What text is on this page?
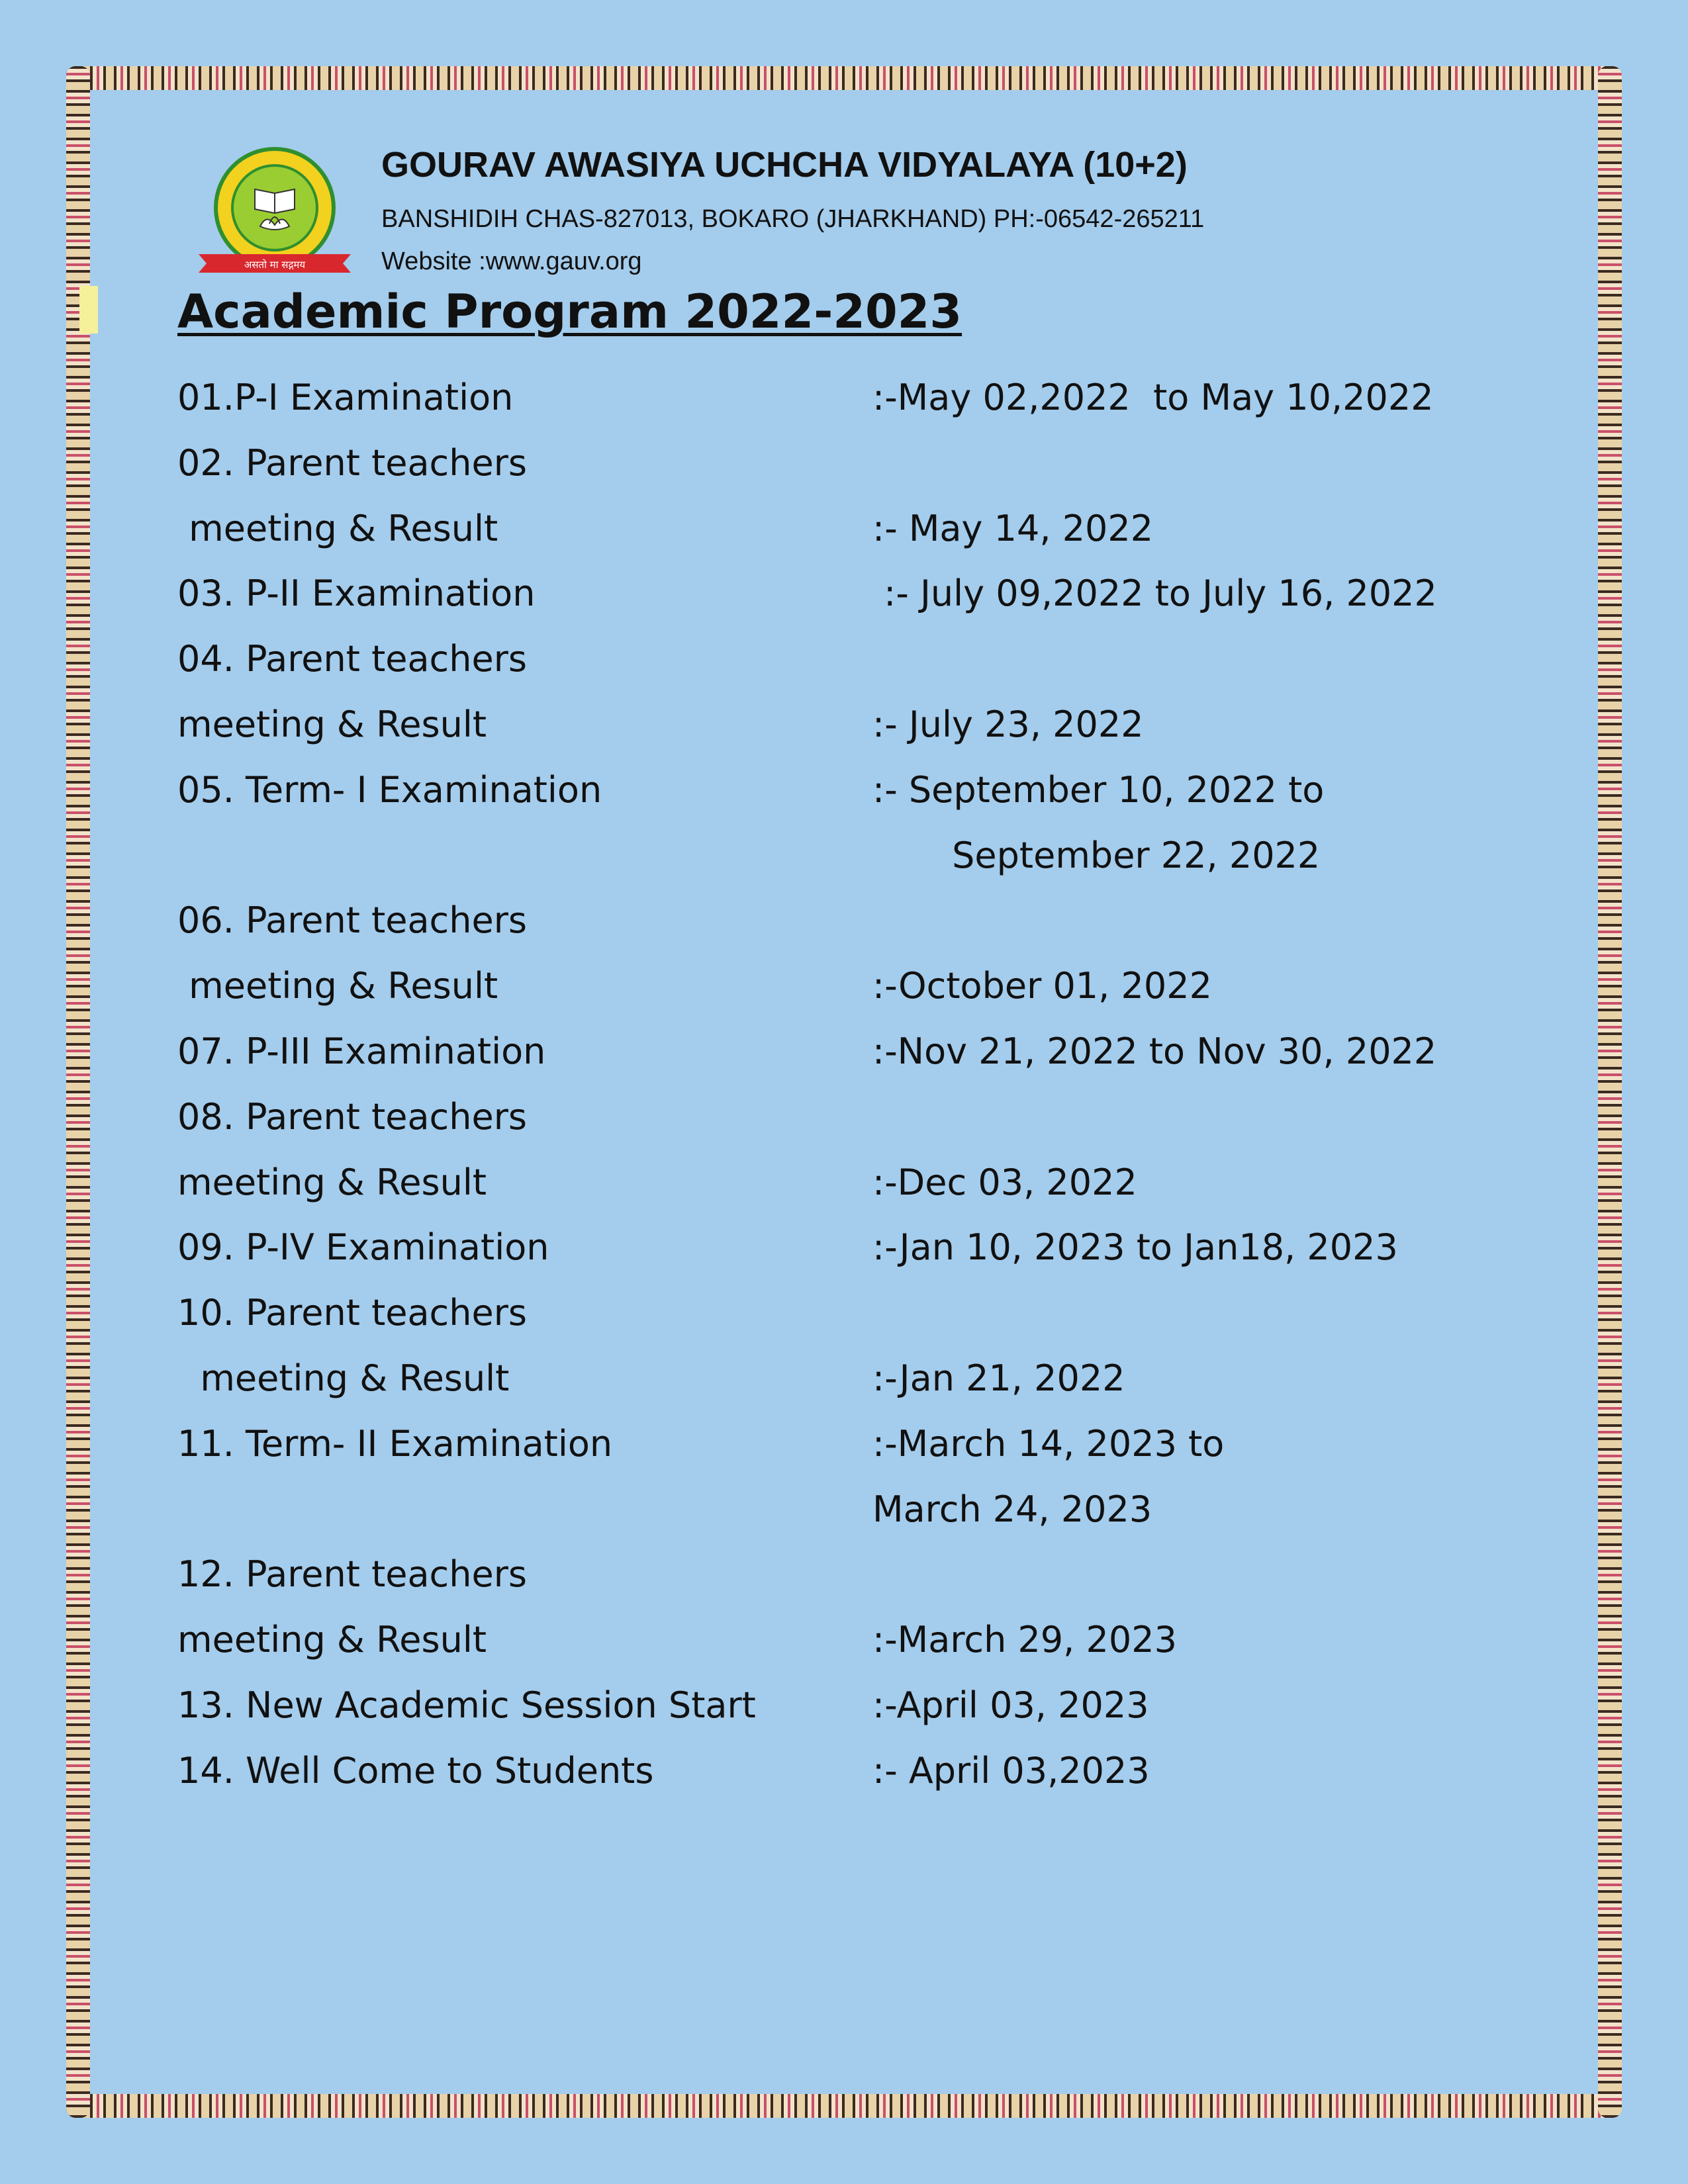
असतो मा सद्गमय
GOURAV AWASIYA UCHCHA VIDYALAYA (10+2)
BANSHIDIH CHAS-827013, BOKARO (JHARKHAND) PH:-06542-265211
Website :www.gauv.org
Academic Program 2022-2023
01.P-I Examination	:-May 02,2022  to May 10,2022
02. Parent teachers
meeting & Result	:- May 14, 2022
03. P-II Examination	:- July 09,2022 to July 16, 2022
04. Parent teachers
meeting & Result	:- July 23, 2022
05. Term- I Examination	:- September 10, 2022 to
September 22, 2022
06. Parent teachers
meeting & Result	:-October 01, 2022
07. P-III Examination	:-Nov 21, 2022 to Nov 30, 2022
08. Parent teachers
meeting & Result	:-Dec 03, 2022
09. P-IV Examination	:-Jan 10, 2023 to Jan18, 2023
10. Parent teachers
meeting & Result	:-Jan 21, 2022
11. Term- II Examination	:-March 14, 2023 to
March 24, 2023
12. Parent teachers
meeting & Result	:-March 29, 2023
13. New Academic Session Start	:-April 03, 2023
14. Well Come to Students	:- April 03,2023
